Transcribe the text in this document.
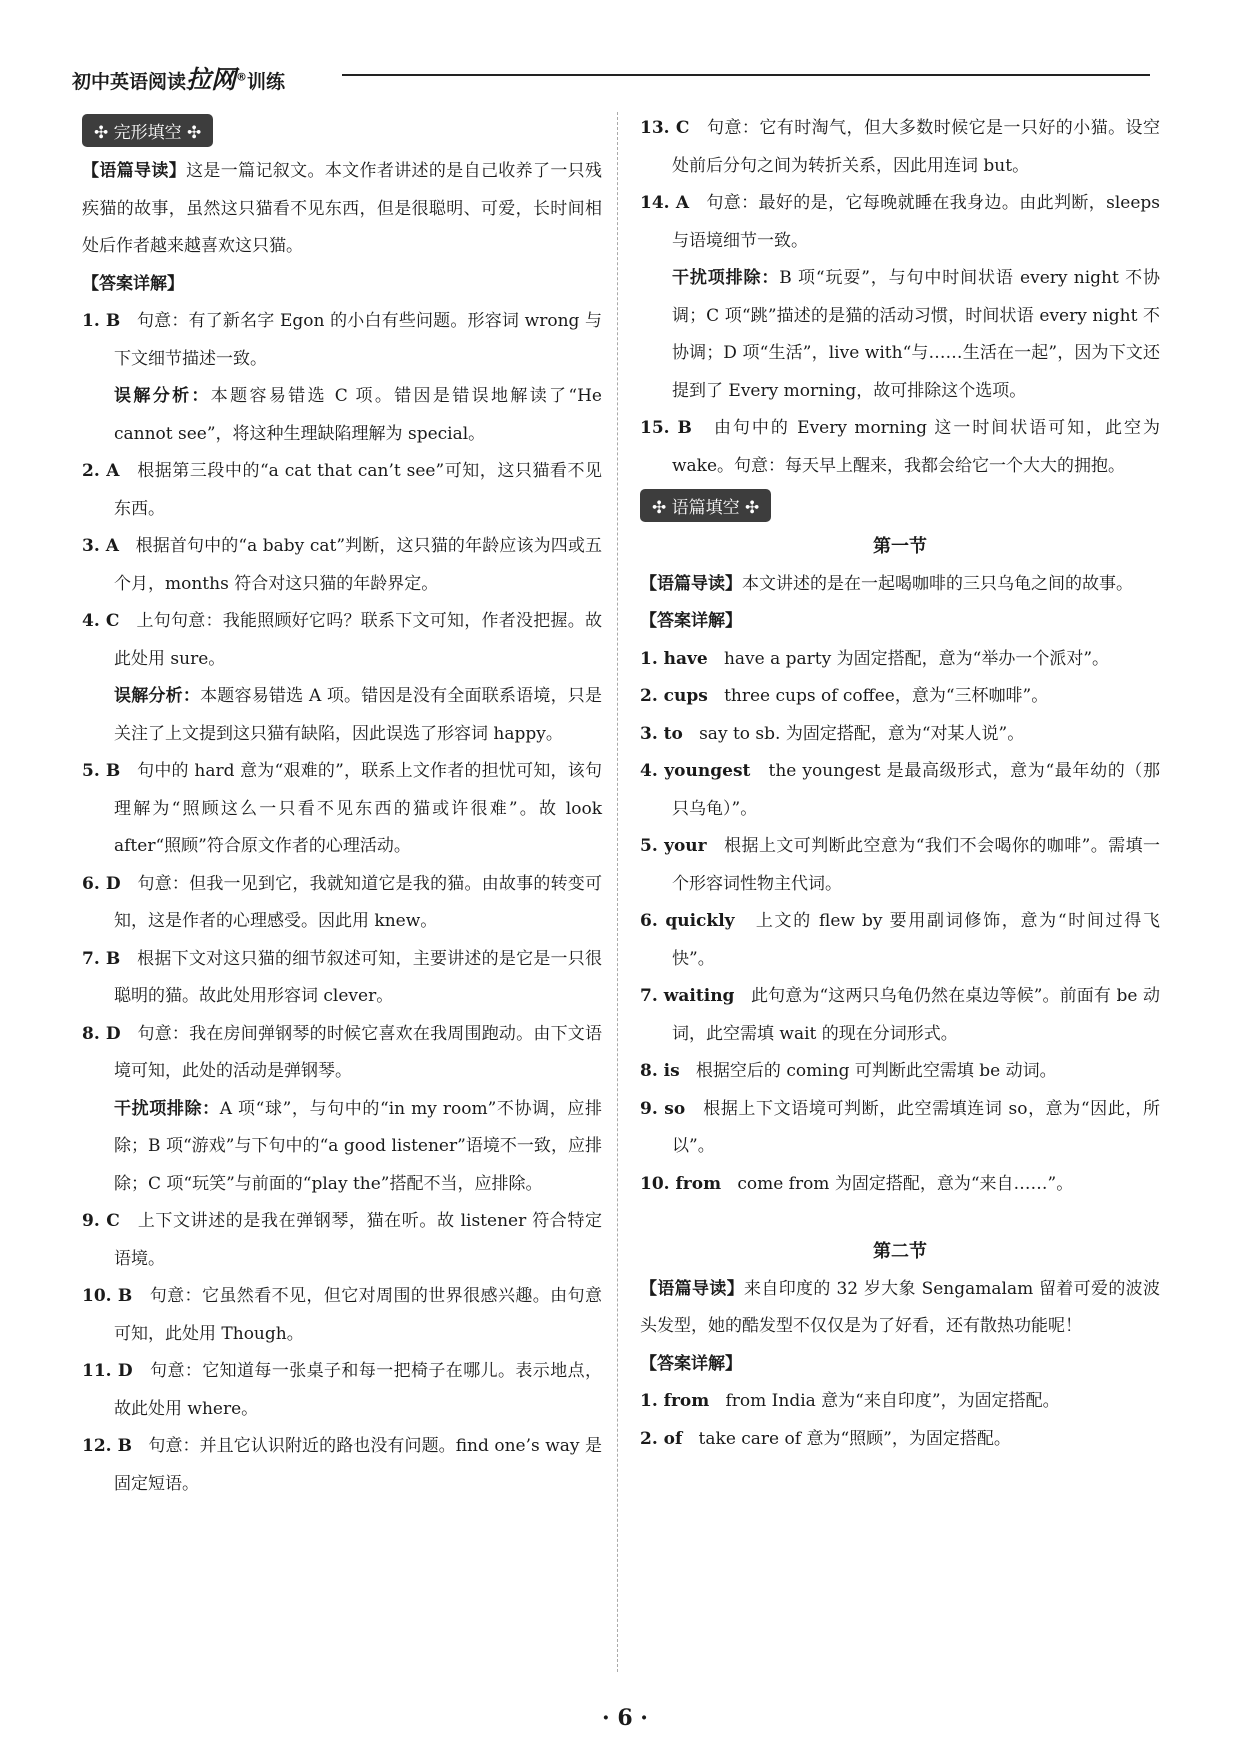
初中英语阅读拉网®训练
✣ 完形填空 ✣

【语篇导读】这是一篇记叙文。本文作者讲述的是自己收养了一只残疾猫的故事，虽然这只猫看不见东西，但是很聪明、可爱，长时间相处后作者越来越喜欢这只猫。

【答案详解】

1. B 句意：有了新名字 Egon 的小白有些问题。形容词 wrong 与下文细节描述一致。

误解分析：本题容易错选 C 项。错因是错误地解读了“He cannot see”，将这种生理缺陷理解为 special。

2. A 根据第三段中的“a cat that can’t see”可知，这只猫看不见东西。

3. A 根据首句中的“a baby cat”判断，这只猫的年龄应该为四或五个月，months 符合对这只猫的年龄界定。

4. C 上句句意：我能照顾好它吗？联系下文可知，作者没把握。故此处用 sure。

误解分析：本题容易错选 A 项。错因是没有全面联系语境，只是关注了上文提到这只猫有缺陷，因此误选了形容词 happy。

5. B 句中的 hard 意为“艰难的”，联系上文作者的担忧可知，该句理解为“照顾这么一只看不见东西的猫或许很难”。故 look after“照顾”符合原文作者的心理活动。

6. D 句意：但我一见到它，我就知道它是我的猫。由故事的转变可知，这是作者的心理感受。因此用 knew。

7. B 根据下文对这只猫的细节叙述可知，主要讲述的是它是一只很聪明的猫。故此处用形容词 clever。

8. D 句意：我在房间弹钢琴的时候它喜欢在我周围跑动。由下文语境可知，此处的活动是弹钢琴。

干扰项排除：A 项“球”，与句中的“in my room”不协调，应排除；B 项“游戏”与下句中的“a good listener”语境不一致，应排除；C 项“玩笑”与前面的“play the”搭配不当，应排除。

9. C 上下文讲述的是我在弹钢琴，猫在听。故 listener 符合特定语境。

10. B 句意：它虽然看不见，但它对周围的世界很感兴趣。由句意可知，此处用 Though。

11. D 句意：它知道每一张桌子和每一把椅子在哪儿。表示地点，故此处用 where。

12. B 句意：并且它认识附近的路也没有问题。find one’s way 是固定短语。

13. C 句意：它有时淘气，但大多数时候它是一只好的小猫。设空处前后分句之间为转折关系，因此用连词 but。

14. A 句意：最好的是，它每晚就睡在我身边。由此判断，sleeps 与语境细节一致。

干扰项排除：B 项“玩耍”，与句中时间状语 every night 不协调；C 项“跳”描述的是猫的活动习惯，时间状语 every night 不协调；D 项“生活”，live with“与……生活在一起”，因为下文还提到了 Every morning，故可排除这个选项。

15. B 由句中的 Every morning 这一时间状语可知，此空为 wake。句意：每天早上醒来，我都会给它一个大大的拥抱。

✣ 语篇填空 ✣

第一节

【语篇导读】本文讲述的是在一起喝咖啡的三只乌龟之间的故事。

【答案详解】

1. have have a party 为固定搭配，意为“举办一个派对”。

2. cups three cups of coffee，意为“三杯咖啡”。

3. to say to sb. 为固定搭配，意为“对某人说”。

4. youngest the youngest 是最高级形式，意为“最年幼的（那只乌龟）”。

5. your 根据上文可判断此空意为“我们不会喝你的咖啡”。需填一个形容词性物主代词。

6. quickly 上文的 flew by 要用副词修饰，意为“时间过得飞快”。

7. waiting 此句意为“这两只乌龟仍然在桌边等候”。前面有 be 动词，此空需填 wait 的现在分词形式。

8. is 根据空后的 coming 可判断此空需填 be 动词。

9. so 根据上下文语境可判断，此空需填连词 so，意为“因此，所以”。

10. from come from 为固定搭配，意为“来自……”。

第二节

【语篇导读】来自印度的 32 岁大象 Sengamalam 留着可爱的波波头发型，她的酷发型不仅仅是为了好看，还有散热功能呢！

【答案详解】

1. from from India 意为“来自印度”，为固定搭配。

2. of take care of 意为“照顾”，为固定搭配。

· 6 ·
